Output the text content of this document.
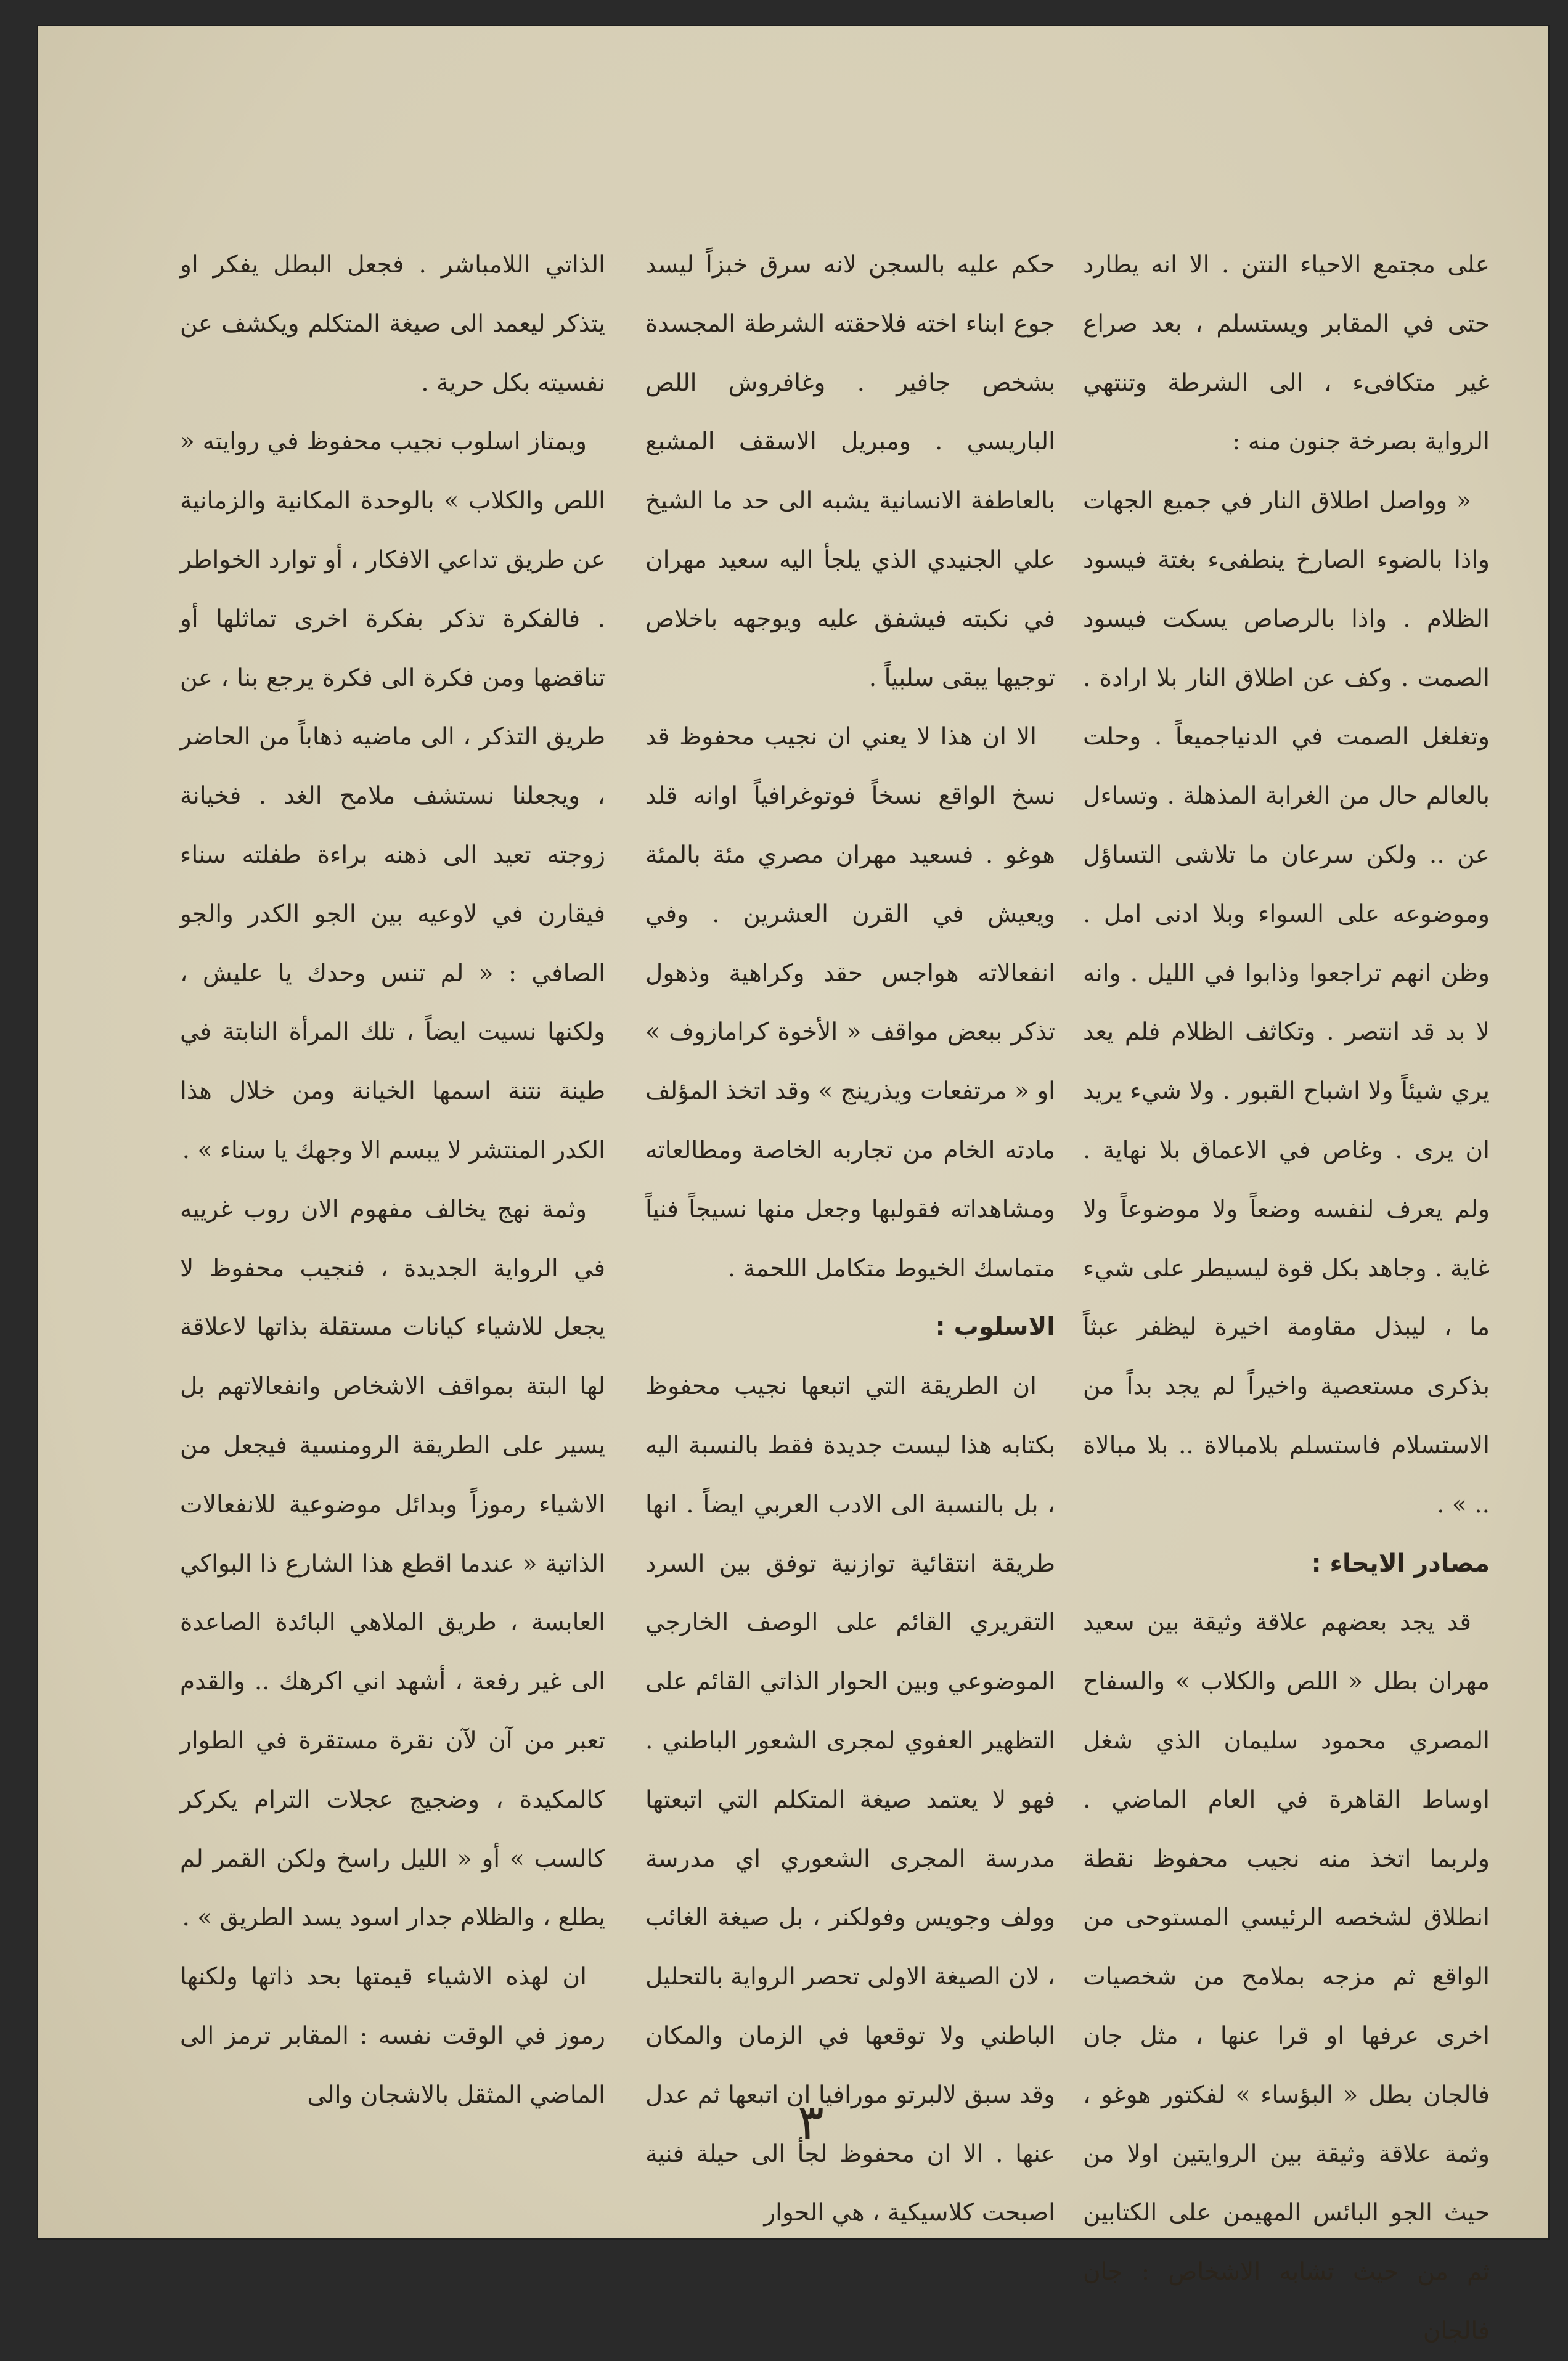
على مجتمع الاحياء النتن . الا انه يطارد حتى في المقابر ويستسلم ، بعد صراع غير متكافىء ، الى الشرطة وتنتهي الرواية بصرخة جنون منه :

« وواصل اطلاق النار في جميع الجهات واذا بالضوء الصارخ ينطفىء بغتة فيسود الظلام . واذا بالرصاص يسكت فيسود الصمت . وكف عن اطلاق النار بلا ارادة . وتغلغل الصمت في الدنياجميعاً . وحلت بالعالم حال من الغرابة المذهلة . وتساءل عن .. ولكن سرعان ما تلاشى التساؤل وموضوعه على السواء وبلا ادنى امل . وظن انهم تراجعوا وذابوا في الليل . وانه لا بد قد انتصر . وتكاثف الظلام فلم يعد يري شيئاً ولا اشباح القبور . ولا شيء يريد ان يرى . وغاص في الاعماق بلا نهاية . ولم يعرف لنفسه وضعاً ولا موضوعاً ولا غاية . وجاهد بكل قوة ليسيطر على شيء ما ، ليبذل مقاومة اخيرة ليظفر عبثاً بذكرى مستعصية واخيراً لم يجد بداً من الاستسلام فاستسلم بلامبالاة .. بلا مبالاة .. » .

مصادر الايحاء :

قد يجد بعضهم علاقة وثيقة بين سعيد مهران بطل « اللص والكلاب » والسفاح المصري محمود سليمان الذي شغل اوساط القاهرة في العام الماضي . ولربما اتخذ منه نجيب محفوظ نقطة انطلاق لشخصه الرئيسي المستوحى من الواقع ثم مزجه بملامح من شخصيات اخرى عرفها او قرا عنها ، مثل جان فالجان بطل « البؤساء » لفكتور هوغو ، وثمة علاقة وثيقة بين الروايتين اولا من حيث الجو البائس المهيمن على الكتابين ثم من حيث تشابه الاشخاص : جان فالجان

حكم عليه بالسجن لانه سرق خبزاً ليسد جوع ابناء اخته فلاحقته الشرطة المجسدة بشخص جافير . وغافروش اللص الباريسي . ومبريل الاسقف المشبع بالعاطفة الانسانية يشبه الى حد ما الشيخ علي الجنيدي الذي يلجأ اليه سعيد مهران في نكبته فيشفق عليه ويوجهه باخلاص توجيها يبقى سلبياً .

الا ان هذا لا يعني ان نجيب محفوظ قد نسخ الواقع نسخاً فوتوغرافياً اوانه قلد هوغو . فسعيد مهران مصري مئة بالمئة ويعيش في القرن العشرين . وفي انفعالاته هواجس حقد وكراهية وذهول تذكر ببعض مواقف « الأخوة كرامازوف » او « مرتفعات ويذرينج » وقد اتخذ المؤلف مادته الخام من تجاربه الخاصة ومطالعاته ومشاهداته فقولبها وجعل منها نسيجاً فنياً متماسك الخيوط متكامل اللحمة .

الاسلوب :

ان الطريقة التي اتبعها نجيب محفوظ بكتابه هذا ليست جديدة فقط بالنسبة اليه ، بل بالنسبة الى الادب العربي ايضاً . انها طريقة انتقائية توازنية توفق بين السرد التقريري القائم على الوصف الخارجي الموضوعي وبين الحوار الذاتي القائم على التظهير العفوي لمجرى الشعور الباطني . فهو لا يعتمد صيغة المتكلم التي اتبعتها مدرسة المجرى الشعوري اي مدرسة وولف وجويس وفولكنر ، بل صيغة الغائب ، لان الصيغة الاولى تحصر الرواية بالتحليل الباطني ولا توقعها في الزمان والمكان وقد سبق لالبرتو مورافيا ان اتبعها ثم عدل عنها . الا ان محفوظ لجأ الى حيلة فنية اصبحت كلاسيكية ، هي الحوار

الذاتي اللامباشر . فجعل البطل يفكر او يتذكر ليعمد الى صيغة المتكلم ويكشف عن نفسيته بكل حرية .

ويمتاز اسلوب نجيب محفوظ في روايته « اللص والكلاب » بالوحدة المكانية والزمانية عن طريق تداعي الافكار ، أو توارد الخواطر . فالفكرة تذكر بفكرة اخرى تماثلها أو تناقضها ومن فكرة الى فكرة يرجع بنا ، عن طريق التذكر ، الى ماضيه ذهاباً من الحاضر ، ويجعلنا نستشف ملامح الغد . فخيانة زوجته تعيد الى ذهنه براءة طفلته سناء فيقارن في لاوعيه بين الجو الكدر والجو الصافي : « لم تنس وحدك يا عليش ، ولكنها نسيت ايضاً ، تلك المرأة النابتة في طينة نتنة اسمها الخيانة ومن خلال هذا الكدر المنتشر لا يبسم الا وجهك يا سناء » .

وثمة نهج يخالف مفهوم الان روب غرييه في الرواية الجديدة ، فنجيب محفوظ لا يجعل للاشياء كيانات مستقلة بذاتها لاعلاقة لها البتة بمواقف الاشخاص وانفعالاتهم بل يسير على الطريقة الرومنسية فيجعل من الاشياء رموزاً وبدائل موضوعية للانفعالات الذاتية « عندما اقطع هذا الشارع ذا البواكي العابسة ، طريق الملاهي البائدة الصاعدة الى غير رفعة ، أشهد اني اكرهك .. والقدم تعبر من آن لآن نقرة مستقرة في الطوار كالمكيدة ، وضجيج عجلات الترام يكركر كالسب » أو « الليل راسخ ولكن القمر لم يطلع ، والظلام جدار اسود يسد الطريق » .

ان لهذه الاشياء قيمتها بحد ذاتها ولكنها رموز في الوقت نفسه : المقابر ترمز الى الماضي المثقل بالاشجان والى	٣
